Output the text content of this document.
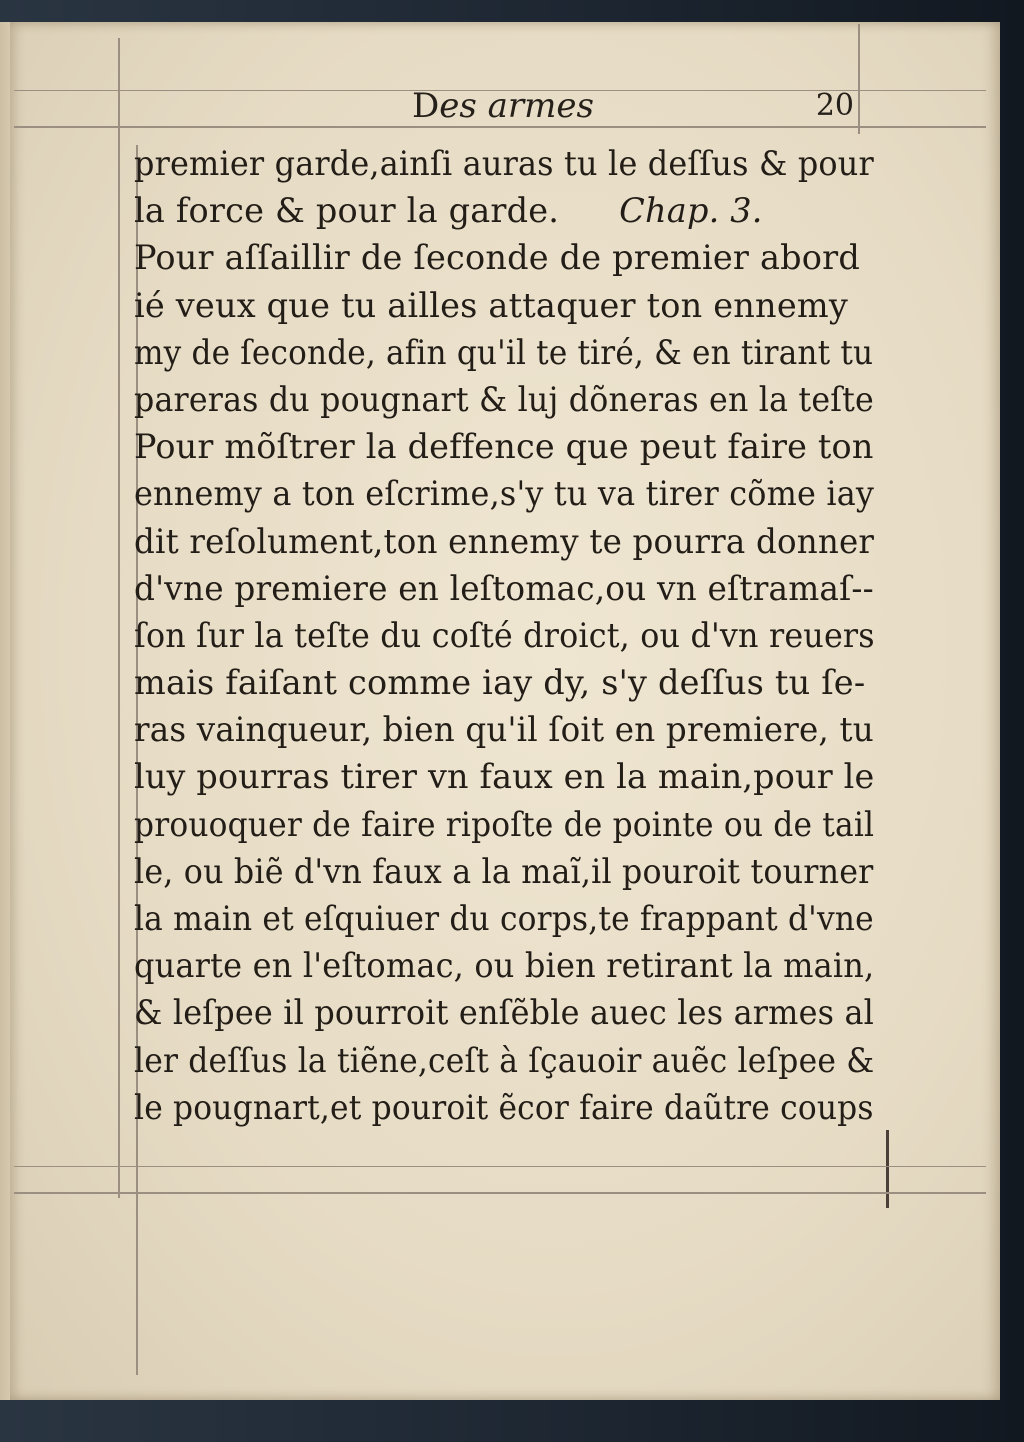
Des armes	20
premier garde,ainſi auras tu le deſſus & pour
la force & pour la garde. Chap. 3.
Pour aſſaillir de ſeconde de premier abord
ié veux que tu ailles attaquer ton ennemy
my de ſeconde, afin qu'il te tiré, & en tirant tu
pareras du pougnart & luj dõneras en la teſte
Pour mõſtrer la deffence que peut faire ton
ennemy a ton eſcrime,s'y tu va tirer cõme iay
dit reſolument,ton ennemy te pourra donner
d'vne premiere en leſtomac,ou vn eſtramaſ--
ſon ſur la teſte du coſté droict, ou d'vn reuers
mais faiſant comme iay dy, s'y deſſus tu ſe-
ras vainqueur, bien qu'il ſoit en premiere, tu
luy pourras tirer vn faux en la main,pour le
prouoquer de faire ripoſte de pointe ou de tail
le, ou biẽ d'vn faux a la maĩ,il pouroit tourner
la main et eſquiuer du corps,te frappant d'vne
quarte en l'eſtomac, ou bien retirant la main,
& leſpee il pourroit enſẽble auec les armes al
ler deſſus la tiẽne,ceſt à ſçauoir auẽc leſpee &
le pougnart,et pouroit ẽcor faire daũtre coups
